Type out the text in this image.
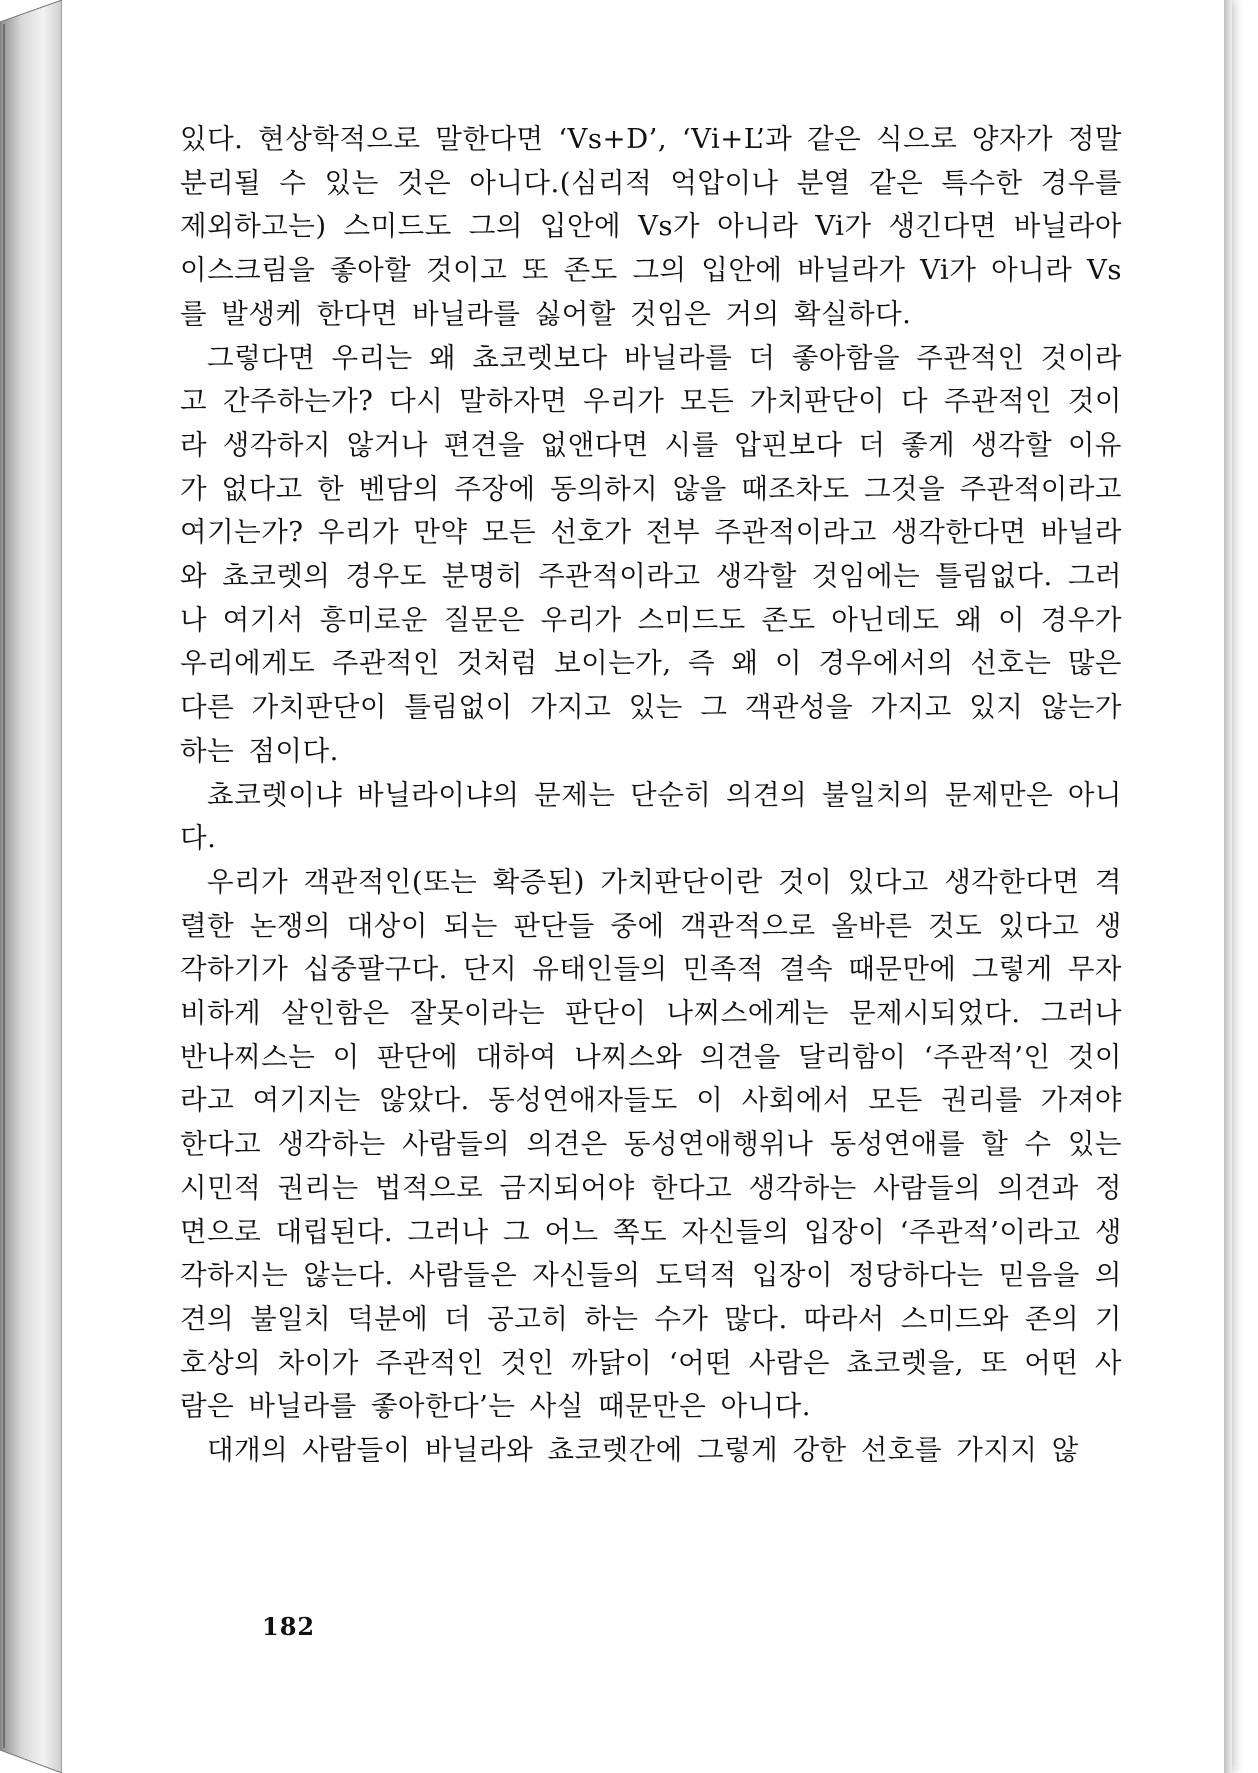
있다. 현상학적으로 말한다면 ‘Vs+D’, ‘Vi+L’과 같은 식으로 양자가 정말 분리될 수 있는 것은 아니다.(심리적 억압이나 분열 같은 특수한 경우를 제외하고는) 스미드도 그의 입안에 Vs가 아니라 Vi가 생긴다면 바닐라아이스크림을 좋아할 것이고 또 존도 그의 입안에 바닐라가 Vi가 아니라 Vs를 발생케 한다면 바닐라를 싫어할 것임은 거의 확실하다.

그렇다면 우리는 왜 쵸코렛보다 바닐라를 더 좋아함을 주관적인 것이라고 간주하는가? 다시 말하자면 우리가 모든 가치판단이 다 주관적인 것이라 생각하지 않거나 편견을 없앤다면 시를 압핀보다 더 좋게 생각할 이유가 없다고 한 벤담의 주장에 동의하지 않을 때조차도 그것을 주관적이라고 여기는가? 우리가 만약 모든 선호가 전부 주관적이라고 생각한다면 바닐라와 쵸코렛의 경우도 분명히 주관적이라고 생각할 것임에는 틀림없다. 그러나 여기서 흥미로운 질문은 우리가 스미드도 존도 아닌데도 왜 이 경우가 우리에게도 주관적인 것처럼 보이는가, 즉 왜 이 경우에서의 선호는 많은 다른 가치판단이 틀림없이 가지고 있는 그 객관성을 가지고 있지 않는가 하는 점이다.

쵸코렛이냐 바닐라이냐의 문제는 단순히 의견의 불일치의 문제만은 아니다.

우리가 객관적인(또는 확증된) 가치판단이란 것이 있다고 생각한다면 격렬한 논쟁의 대상이 되는 판단들 중에 객관적으로 올바른 것도 있다고 생각하기가 십중팔구다. 단지 유태인들의 민족적 결속 때문만에 그렇게 무자비하게 살인함은 잘못이라는 판단이 나찌스에게는 문제시되었다. 그러나 반나찌스는 이 판단에 대하여 나찌스와 의견을 달리함이 ‘주관적’인 것이라고 여기지는 않았다. 동성연애자들도 이 사회에서 모든 권리를 가져야 한다고 생각하는 사람들의 의견은 동성연애행위나 동성연애를 할 수 있는 시민적 권리는 법적으로 금지되어야 한다고 생각하는 사람들의 의견과 정면으로 대립된다. 그러나 그 어느 쪽도 자신들의 입장이 ‘주관적’이라고 생각하지는 않는다. 사람들은 자신들의 도덕적 입장이 정당하다는 믿음을 의견의 불일치 덕분에 더 공고히 하는 수가 많다. 따라서 스미드와 존의 기호상의 차이가 주관적인 것인 까닭이 ‘어떤 사람은 쵸코렛을, 또 어떤 사람은 바닐라를 좋아한다’는 사실 때문만은 아니다.

대개의 사람들이 바닐라와 쵸코렛간에 그렇게 강한 선호를 가지지 않

182
